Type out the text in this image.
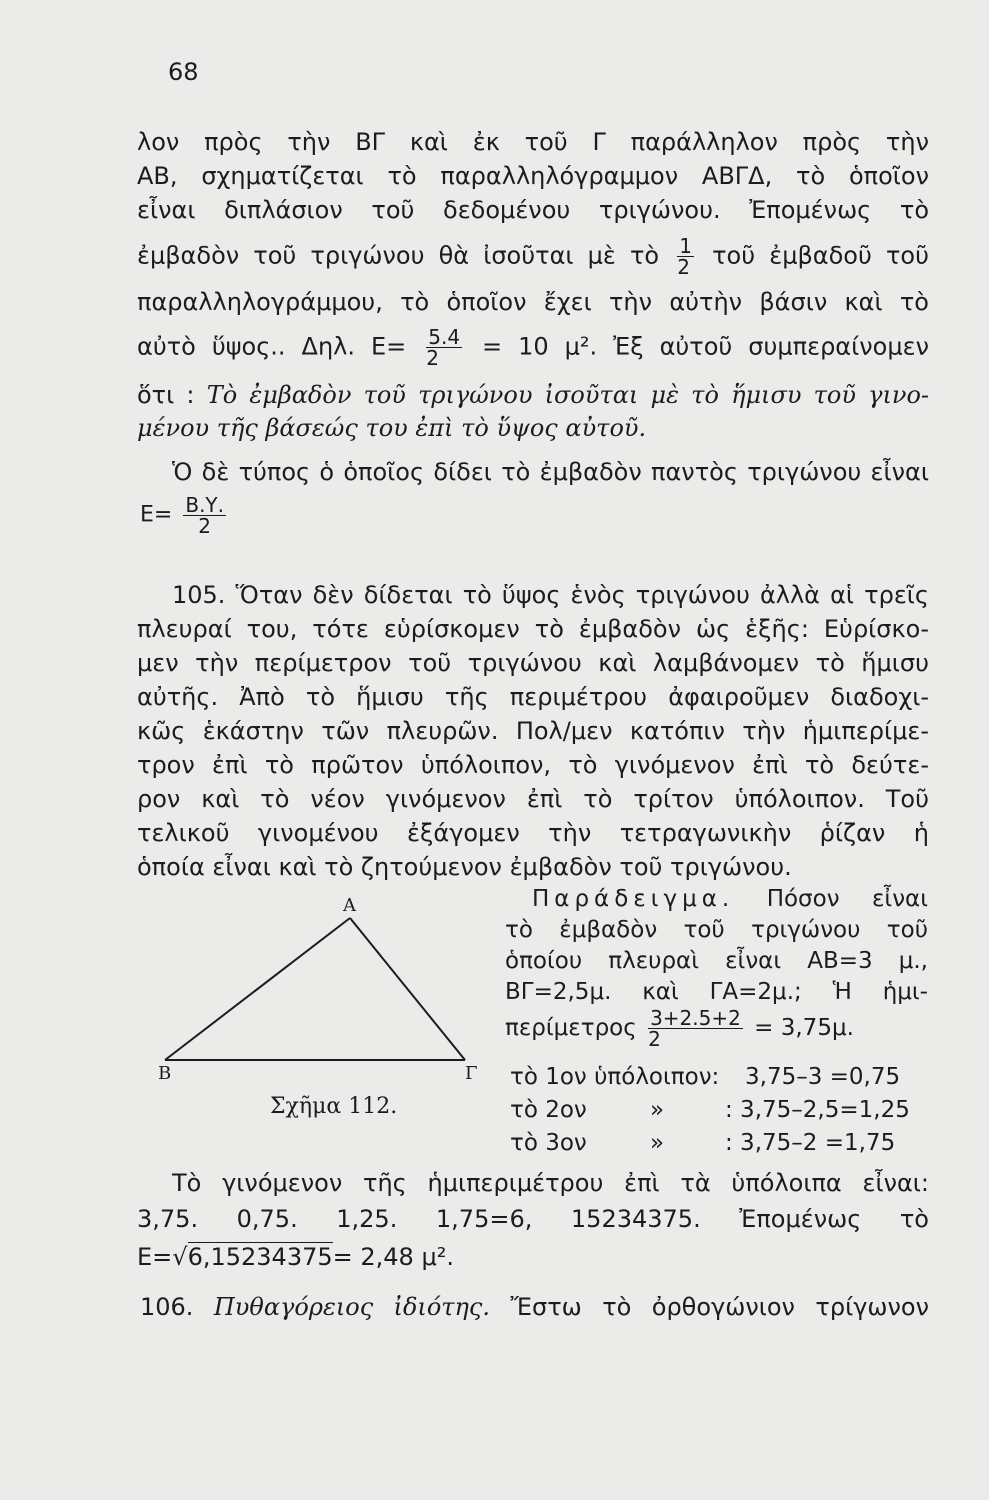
68
λον πρὸς τὴν ΒΓ καὶ ἐκ τοῦ Γ παράλληλον πρὸς τὴν
ΑΒ, σχηματίζεται τὸ παραλληλόγραμμον ΑΒΓΔ, τὸ ὁποῖον
εἶναι διπλάσιον τοῦ δεδομένου τριγώνου. Ἐπομένως τὸ
ἐμβαδὸν τοῦ τριγώνου θὰ ἰσοῦται μὲ τὸ $\frac{1}{2}$ τοῦ ἐμβαδοῦ τοῦ
παραλληλογράμμου, τὸ ὁποῖον ἔχει τὴν αὐτὴν βάσιν καὶ τὸ
αὐτὸ ὕψος.. Δηλ. $E= \frac{5.4}{2} = 10$ μ². Ἐξ αὐτοῦ συμπεραίνομεν
ὅτι : Τὸ ἐμβαδὸν τοῦ τριγώνου ἰσοῦται μὲ τὸ ἥμισυ τοῦ γινο-
μένου τῆς βάσεώς του ἐπὶ τὸ ὕψος αὐτοῦ.
Ὁ δὲ τύπος ὁ ὁποῖος δίδει τὸ ἐμβαδὸν παντὸς τριγώνου εἶναι
$E= \frac{B.\Upsilon.}{2}$
105. Ὅταν δὲν δίδεται τὸ ὕψος ἑνὸς τριγώνου ἀλλὰ αἱ τρεῖς
πλευραί του, τότε εὑρίσκομεν τὸ ἐμβαδὸν ὡς ἑξῆς: Εὑρίσκο-
μεν τὴν περίμετρον τοῦ τριγώνου καὶ λαμβάνομεν τὸ ἥμισυ
αὐτῆς. Ἀπὸ τὸ ἥμισυ τῆς περιμέτρου ἀφαιροῦμεν διαδοχι-
κῶς ἑκάστην τῶν πλευρῶν. Πολ/μεν κατόπιν τὴν ἡμιπερίμε-
τρον ἐπὶ τὸ πρῶτον ὑπόλοιπον, τὸ γινόμενον ἐπὶ τὸ δεύτε-
ρον καὶ τὸ νέον γινόμενον ἐπὶ τὸ τρίτον ὑπόλοιπον. Τοῦ
τελικοῦ γινομένου ἐξάγομεν τὴν τετραγωνικὴν ῥίζαν ἡ
ὁποία εἶναι καὶ τὸ ζητούμενον ἐμβαδὸν τοῦ τριγώνου.
Παράδειγμα. Πόσον εἶναι
τὸ ἐμβαδὸν τοῦ τριγώνου τοῦ
ὁποίου πλευραὶ εἶναι ΑΒ=3 μ.,
ΒΓ=2,5μ. καὶ ΓΑ=2μ.; Ἡ ἡμι-
περίμετρος $\frac{3+2.5+2}{2} = 3,75\mu$.
τὸ 1ον ὑπόλοιπον: 3,75–3 =0,75
τὸ 2ον	»	: 3,75–2,5=1,25
τὸ 3ον	»	: 3,75–2 =1,75
Α
Β	Γ
Σχῆμα 112.
Τὸ γινόμενον τῆς ἡμιπεριμέτρου ἐπὶ τὰ ὑπόλοιπα εἶναι:
3,75. 0,75. 1,25. 1,75=6, 15234375. Ἐπομένως τὸ
Ε=√6,15234375= 2,48 μ².
106. Πυθαγόρειος ἰδιότης. Ἔστω τὸ ὀρθογώνιον τρίγωνον
